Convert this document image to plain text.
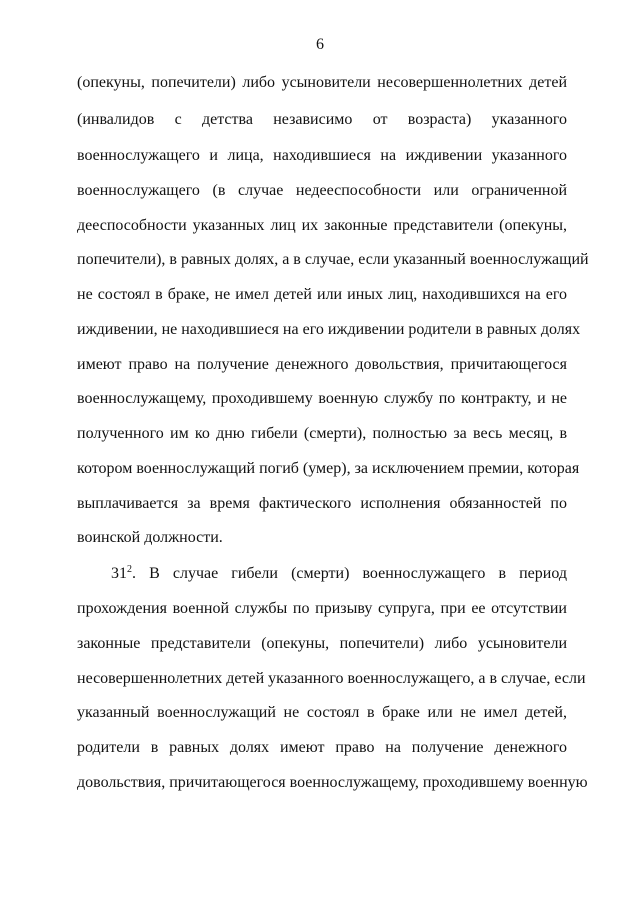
6
(опекуны, попечители) либо усыновители несовершеннолетних детей
(инвалидов с детства независимо от возраста) указанного
военнослужащего и лица, находившиеся на иждивении указанного
военнослужащего (в случае недееспособности или ограниченной
дееспособности указанных лиц их законные представители (опекуны,
попечители), в равных долях, а в случае, если указанный военнослужащий
не состоял в браке, не имел детей или иных лиц, находившихся на его
иждивении, не находившиеся на его иждивении родители в равных долях
имеют право на получение денежного довольствия, причитающегося
военнослужащему, проходившему военную службу по контракту, и не
полученного им ко дню гибели (смерти), полностью за весь месяц, в
котором военнослужащий погиб (умер), за исключением премии, которая
выплачивается за время фактического исполнения обязанностей по
воинской должности.
$31^2$. В случае гибели (смерти) военнослужащего в период
прохождения военной службы по призыву супруга, при ее отсутствии
законные представители (опекуны, попечители) либо усыновители
несовершеннолетних детей указанного военнослужащего, а в случае, если
указанный военнослужащий не состоял в браке или не имел детей,
родители в равных долях имеют право на получение денежного
довольствия, причитающегося военнослужащему, проходившему военную
